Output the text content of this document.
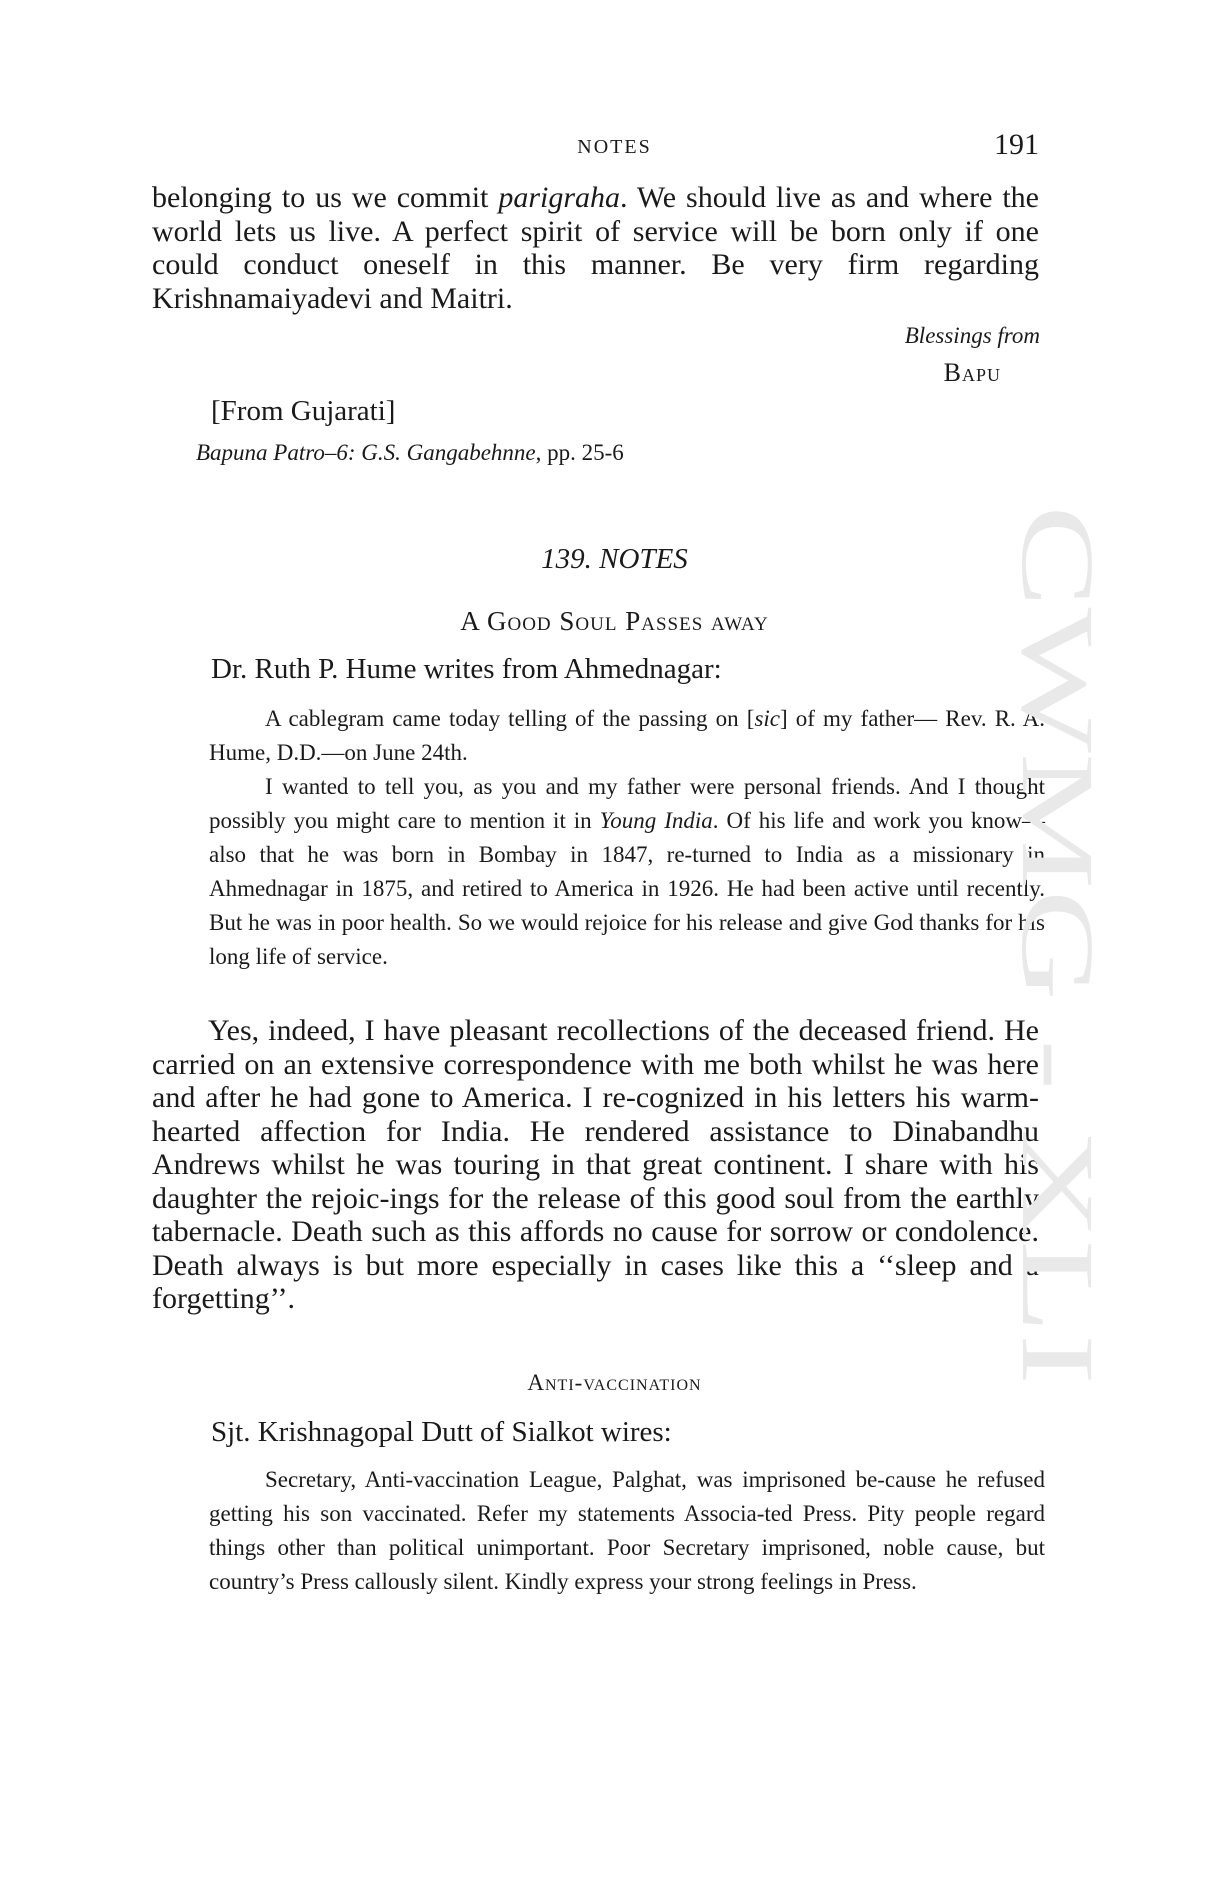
NOTES	191
belonging to us we commit parigraha. We should live as and where the world lets us live. A perfect spirit of service will be born only if one could conduct oneself in this manner. Be very firm regarding Krishnamaiyadevi and Maitri.
Blessings from
Bapu
[From Gujarati]
Bapuna Patro–6: G.S. Gangabehnne, pp. 25-6
139. NOTES
A Good Soul Passes away
Dr. Ruth P. Hume writes from Ahmednagar:

A cablegram came today telling of the passing on [sic] of my father— Rev. R. A. Hume, D.D.—on June 24th.

I wanted to tell you, as you and my father were personal friends. And I thought possibly you might care to mention it in Young India. Of his life and work you know—also that he was born in Bombay in 1847, re-turned to India as a missionary in Ahmednagar in 1875, and retired to America in 1926. He had been active until recently. But he was in poor health. So we would rejoice for his release and give God thanks for his long life of service.

Yes, indeed, I have pleasant recollections of the deceased friend. He carried on an extensive correspondence with me both whilst he was here and after he had gone to America. I re-cognized in his letters his warm-hearted affection for India. He rendered assistance to Dinabandhu Andrews whilst he was touring in that great continent. I share with his daughter the rejoic-ings for the release of this good soul from the earthly tabernacle. Death such as this affords no cause for sorrow or condolence. Death always is but more especially in cases like this a ‘‘sleep and a forgetting’’.
Anti-vaccination
Sjt. Krishnagopal Dutt of Sialkot wires:
Secretary, Anti-vaccination League, Palghat, was imprisoned be-cause he refused getting his son vaccinated. Refer my statements Associa-ted Press. Pity people regard things other than political unimportant. Poor Secretary imprisoned, noble cause, but country’s Press callously silent. Kindly express your strong feelings in Press.
CWMG - XLI
